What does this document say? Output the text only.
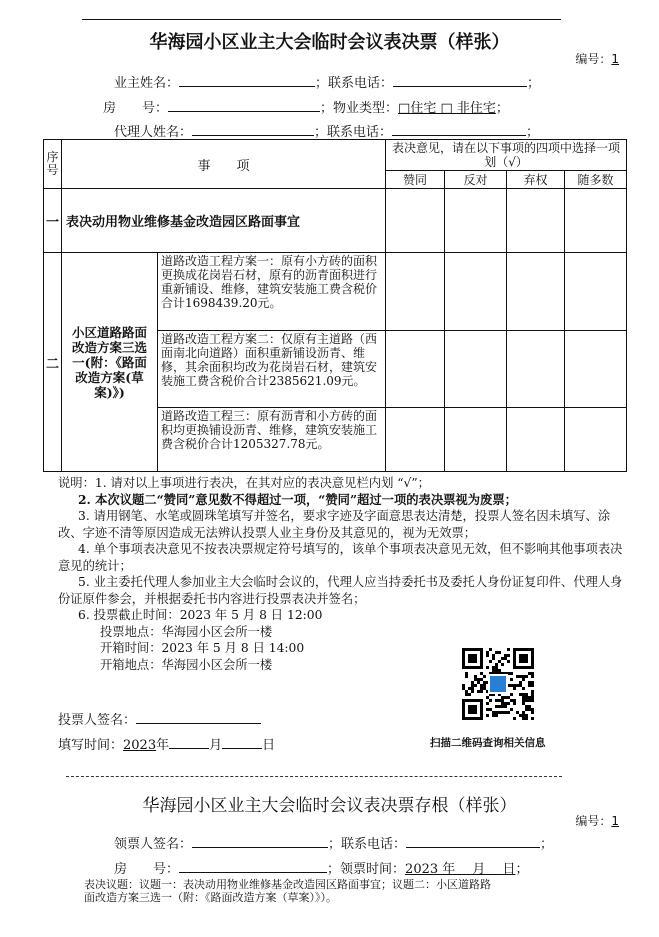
华海园小区业主大会临时会议表决票（样张）
编号：1
业主姓名：	；联系电话：	；
房　　号：	；物业类型：□住宅 □ 非住宅；
代理人姓名：	；联系电话：	；
序号	事　　项		表决意见，请在以下事项的四项中选择一项划（√）			
			赞同	反对	弃权	随多数
一	表决动用物业维修基金改造园区路面事宜					
二	小区道路路面改造方案三选一(附：《路面改造方案(草案)》)	道路改造工程方案一：原有小方砖的面积更换成花岗岩石材，原有的沥青面积进行重新铺设、维修，建筑安装施工费含税价合计1698439.20元。				
		道路改造工程方案二：仅原有主道路（西面南北向道路）面积重新铺设沥青、维修，其余面积均改为花岗岩石材，建筑安装施工费含税价合计2385621.09元。				
		道路改造工程三：原有沥青和小方砖的面积均更换铺设沥青、维修，建筑安装施工费含税价合计1205327.78元。				
说明：1. 请对以上事项进行表决，在其对应的表决意见栏内划 “√”；
2. 本次议题二“赞同”意见数不得超过一项，“赞同”超过一项的表决票视为废票；
3. 请用钢笔、水笔或圆珠笔填写并签名，要求字迹及字面意思表达清楚，投票人签名因未填写、涂改、字迹不清等原因造成无法辨认投票人业主身份及其意见的，视为无效票；
4. 单个事项表决意见不按表决票规定符号填写的，该单个事项表决意见无效，但不影响其他事项表决意见的统计；
5. 业主委托代理人参加业主大会临时会议的，代理人应当持委托书及委托人身份证复印件、代理人身份证原件参会，并根据委托书内容进行投票表决并签名；
6. 投票截止时间：2023 年 5 月 8 日 12:00
投票地点：华海园小区会所一楼
开箱时间：2023 年 5 月 8 日 14:00
开箱地点：华海园小区会所一楼
扫描二维码查询相关信息
投票人签名：
填写时间：2023年	月	日
华海园小区业主大会临时会议表决票存根（样张）
编号：1
领票人签名：	；联系电话：	；
房　　号：	；领票时间：2023 年　 月　 日；
表决议题：议题一：表决动用物业维修基金改造园区路面事宜；议题二：小区道路路
面改造方案三选一（附：《路面改造方案（草案）》）。
